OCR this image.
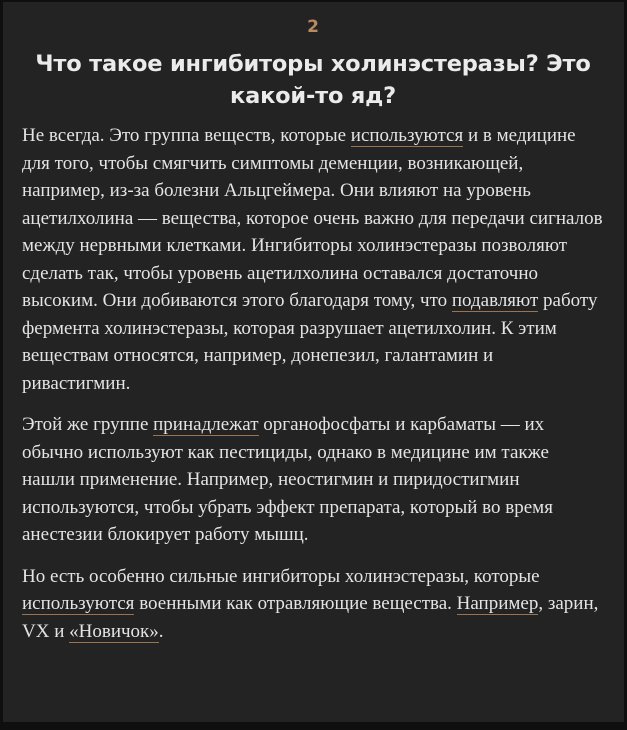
2
Что такое ингибиторы холинэстеразы? Это какой-то яд?

Не всегда. Это группа веществ, которые используются и в медицине для того, чтобы смягчить симптомы деменции, возникающей, например, из-за болезни Альцгеймера. Они влияют на уровень ацетилхолина — вещества, которое очень важно для передачи сигналов между нервными клетками. Ингибиторы холинэстеразы позволяют сделать так, чтобы уровень ацетилхолина оставался достаточно высоким. Они добиваются этого благодаря тому, что подавляют работу фермента холинэстеразы, которая разрушает ацетилхолин. К этим веществам относятся, например, донепезил, галантамин и ривастигмин.

Этой же группе принадлежат органофосфаты и карбаматы — их обычно используют как пестициды, однако в медицине им также нашли применение. Например, неостигмин и пиридостигмин используются, чтобы убрать эффект препарата, который во время анестезии блокирует работу мышц.

Но есть особенно сильные ингибиторы холинэстеразы, которые используются военными как отравляющие вещества. Например, зарин, VX и «Новичок».
